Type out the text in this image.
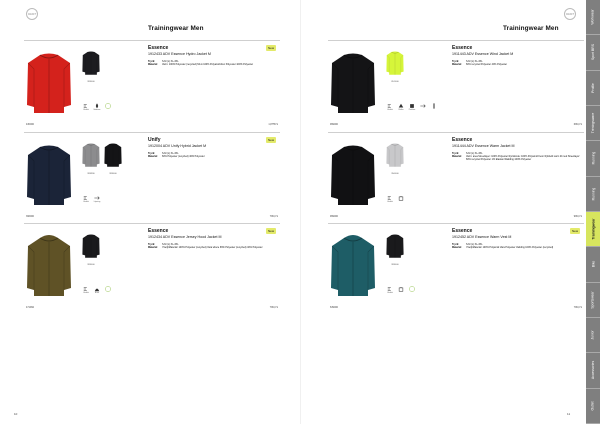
CRAFT
Trainingwear Men
10
CRAFT
Trainingwear Men
11
Workwear
Sport BRS
Profile
Tréningsware
Running
Running
Trainingwear
Bike
Sportswear
Junior
Accessories
Outlet
999000
Essence
1912433 ADV Essence Hydro Jacket M
Tryck:	S-M (L) XL-3XL
Material:	Varm: 100% Polyester (recycled) Mi-lo 100% Polyamid-Ren Polyester 100% Polyester
New
Vindtät	Vattenav.
430000	1,8755 S
999990	999000
Unify
1912004 ADV Unify Hybrid Jacket M
Tryck:	S-M (L) XL-3XL
Material:	60% Polyester (recycled) 40% Polyester
New
Vindtät	Löpning
396000	799,0 S
999000
Essence
1912434 ADV Essence Jersey Hood Jacket M
Tryck:	S-M (L) XL-3XL
Material:	Ytterjl/Material: 100% Polyester (recycled) Vara where 66% Polyester (recycled) 40% Polyester
New
Vindtät	Huva
471992	799,0 S
851000
Essence
1911443 ADV Essence Wind Jacket M
Tryck:	S-M (L) XL-3XL
Material:	60% recycled Polyester 40% Polyester
Vindtät	Reflex	Packbar
999000	699,0 S
950000
Essence
1911444 ADV Essence Warm Jacket M
Tryck:	S-M (L) XL-3XL
Material:	Varm: area Streetlayer: 100% Polyester Rycklonde: 100% Polyamid Kenn Rykbeltt varm fd med Streetlayer: 60% recycled Polyester 1% Elastan Wadding 100% Polyester
Vindtät
999000	999,0 S
999000
Essence
1912452 ADV Essence Warm Vest M
Tryck:	S-M (L) XL-3XL
Material:	Ytterjl/Material: 100% Polyamid Vara Polyester Vadding 100% Polyester (recycled)
New
Vindtät
639000	799,0 S
